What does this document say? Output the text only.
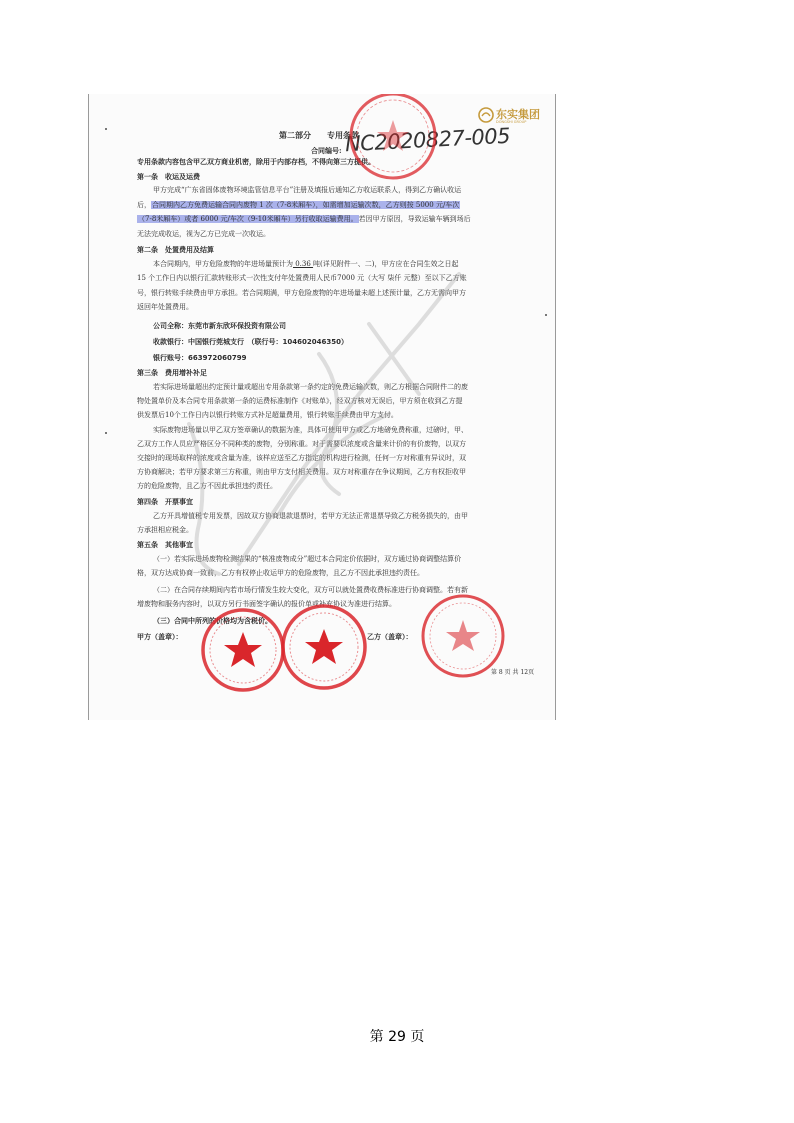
东实集团
DONGSHI GROUP
第二部分　　专用条款
合同编号: NC2020827-005
专用条款内容包含甲乙双方商业机密，除用于内部存档，不得向第三方提供。
第一条　收运及运费
甲方完成“广东省固体废物环境监管信息平台”注册及填报后通知乙方收运联系人，得到乙方确认收运
后，合同期内乙方免费运输合同内废物 1 次（7-8米厢车），如需增加运输次数，乙方则按 5000 元/车次
（7-8米厢车）或者 6000 元/车次（9-10米厢车）另行收取运输费用。若因甲方原因，导致运输车辆到场后
无法完成收运，视为乙方已完成一次收运。
第二条　处置费用及结算
本合同期内，甲方危险废物的年进场量预计为 0.36 吨(详见附件一、二)，甲方应在合同生效之日起
15 个工作日内以银行汇款转账形式一次性支付年处置费用人民币7000 元（大写 柒仟 元整）至以下乙方账
号，银行转账手续费由甲方承担。若合同期满，甲方危险废物的年进场量未超上述预计量，乙方无需向甲方
返回年处置费用。
公司全称：东莞市新东欣环保投资有限公司
收款银行：中国银行莞城支行　（联行号：104602046350）
银行账号：663972060799
第三条　费用增补补足
若实际进场量超出约定预计量或超出专用条款第一条约定的免费运输次数，则乙方根据合同附件二的废
物处置单价及本合同专用条款第一条的运费标准制作《对账单》，经双方核对无误后，甲方须在收到乙方提
供发票后10个工作日内以银行转账方式补足超量费用，银行转账手续费由甲方支付。
实际废物进场量以甲乙双方签章确认的数据为准，具体可使用甲方或乙方地磅免费称重，过磅时，甲、
乙双方工作人员应严格区分不同种类的废物，分别称重。对于需要以浓度或含量来计价的有价废物，以双方
交接时的现场取样的浓度或含量为准，该样应送至乙方指定的机构进行检测，任何一方对称重有异议时，双
方协商解决；若甲方要求第三方称重，则由甲方支付相关费用。双方对称重存在争议期间，乙方有权拒收甲
方的危险废物，且乙方不因此承担违约责任。
第四条　开票事宜
乙方开具增值税专用发票，因故双方协商退款退票时，若甲方无法正常退票导致乙方税务损失的，由甲
方承担相应税金。
第五条　其他事宜
（一）若实际进场废物检测结果的“核准废物成分”超过本合同定价依据时，双方通过协商调整结算价
格，双方达成协商一致前，乙方有权停止收运甲方的危险废物，且乙方不因此承担违约责任。
（二）在合同存续期间内若市场行情发生较大变化，双方可以就处置费收费标准进行协商调整。若有新
增废物和服务内容时，以双方另行书面签字确认的报价单或补充协议为准进行结算。
（三）合同中所列的价格均为含税价。
甲方（盖章）：	乙方（盖章）：
第 8 页 共 12页
第 29 页
